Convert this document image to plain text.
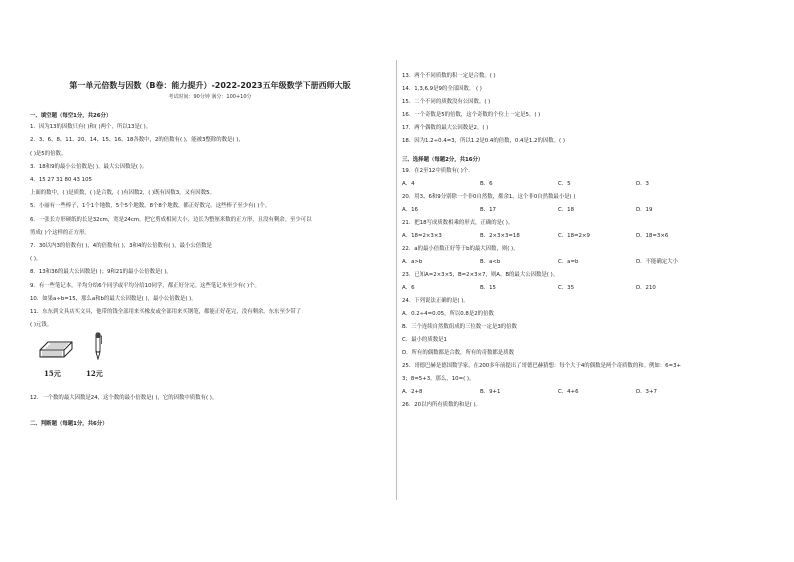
第一单元倍数与因数（B卷：能力提升）-2022-2023五年级数学下册西师大版
考试时间：90分钟 满分：100+10分
一、填空题（每空1分，共26分）
1．因为13的因数只有( )和( )两个，所以13是( )。
2．3、6、8、11、20、14、15、16、18各数中，2的倍数有( )，能被3整除的数是( )，
( )是5的倍数。
3．18和9的最小公倍数是( )，最大公因数是( )。
4．15 27 31 80 43 105
上面的数中，( )是质数，( )是合数，( )有因数2，( )既有因数3，又有因数5。
5．小丽有一些棒子，1个1个地数，5个5个地数，8个8个地数，都正好数完。这些棒子至少有( )个。
6．一张长方形硬纸的长是32cm，宽是24cm。把它剪成相同大小、边长为整厘米数的正方形，且没有剩余。至少可以
剪成( )个这样的正方形。
7．30以内3的倍数有( )，4的倍数有( )，3和4的公倍数有( )，最小公倍数是
( )。
8．13和36的最大公因数是( )；9和21的最小公倍数是( )。
9．有一些笔记本，平均分给6个同学或平均分给10同学，都正好分完。这些笔记本至少有( )个。
10．如果a÷b=15，那么a和b的最大公因数是( )，最小公倍数是( )。
11．东东到文具店买文具，他带的钱全部用来买橡皮或全部用来买钢笔，都能正好花完，没有剩余。东东至少带了
( )元钱。
15元	12元
12．一个数的最大因数是24，这个数的最小倍数是( )，它的因数中质数有( )。
二、判断题（每题1分，共6分）
13．两个不同质数的积一定是合数。( )
14．1,3,6,9是9的全部因数。 ( )
15．二个不同的质数没有公因数。( )
16．一个奇数是5的倍数，这个奇数的个位上一定是5。( )
17．两个偶数的最大公因数是2。( )
18．因为1.2÷0.4=3，所以1.2是0.4的倍数，0.4是1.2的因数。( )
三、选择题（每题2分，共16分）
19．在2至12中质数有( )个.
A．4	B．6	C．5	D．3
20．用3、6和9分别除一个非0自然数，都余1，这个非0自然数最小是( )
A．16	B．17	C．18	D．19
21．把18写成质数相乘的形式，正确的是( )。
A．18=2×3×3	B．2×3×3=18	C．18=2×9	D．18=3×6
22．a的最小倍数正好等于b的最大因数，则( )。
A．a>b	B．a<b	C．a=b	D．不能确定大小
23．已知A=2×3×5，B=2×3×7，则A、B的最大公因数是( )。
A．6	B．15	C．35	D．210
24．下列说法正确的是( )。
A．0.2÷4=0.05，所以0.8是2的倍数
B．三个连续自然数组成的三位数一定是3的倍数
C．最小的质数是1
D．所有的偶数都是合数，所有的奇数都是质数
25．哥德巴赫是德国数学家，在200多年前提出了哥德巴赫猜想：每个大于4的偶数是两个奇质数的和。例如：6=3+
3；8=5+3。那么，10=( )。
A．2+8	B．9+1	C．4+6	D．3+7
26．20以内所有质数的和是( )。
